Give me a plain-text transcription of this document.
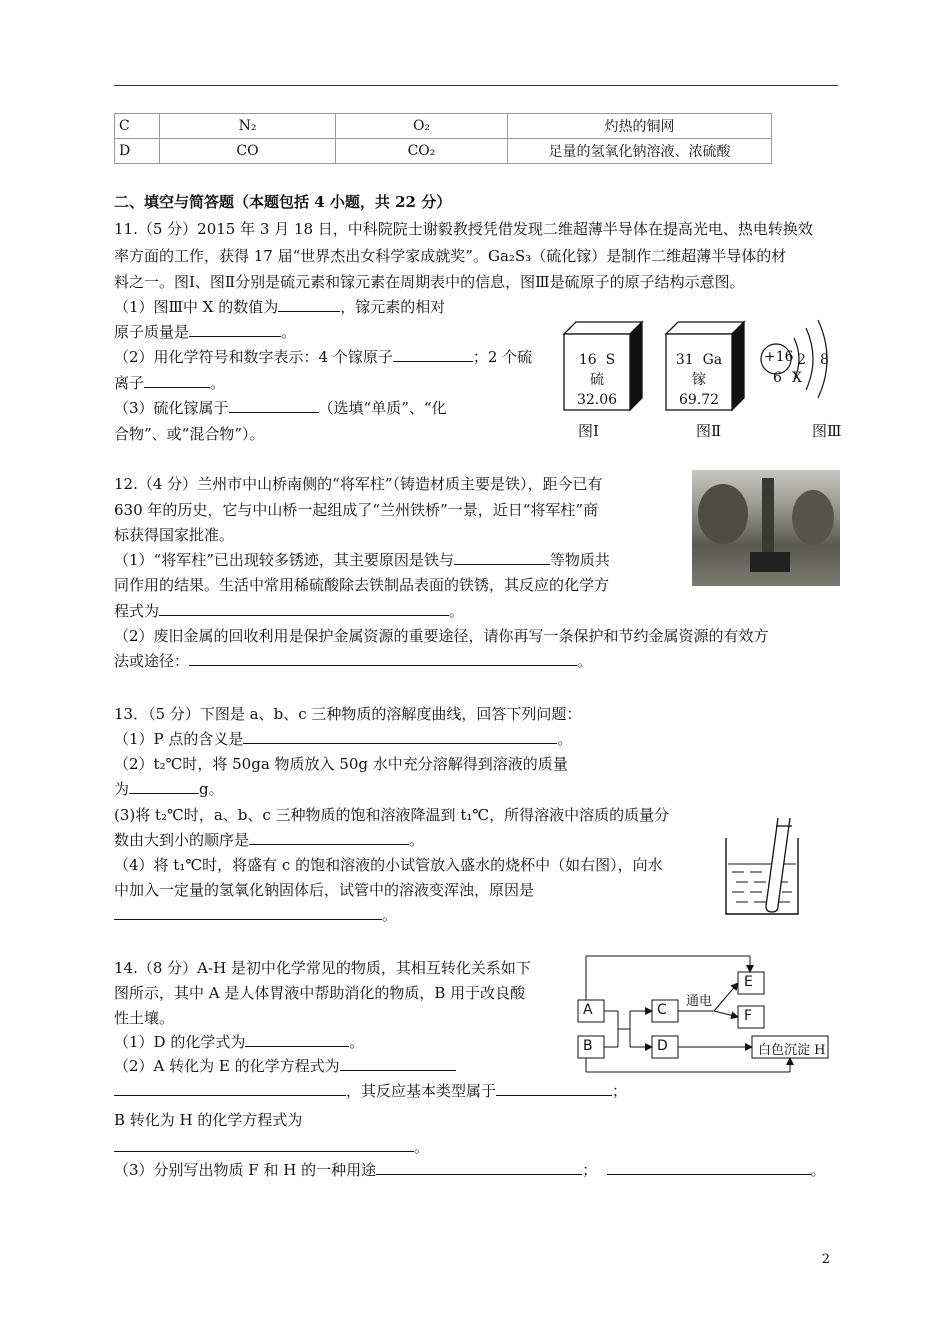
C	N₂	O₂	灼热的铜网
D	CO	CO₂	足量的氢氧化钠溶液、浓硫酸
二、填空与简答题（本题包括 4 小题，共 22 分）
11.（5 分）2015 年 3 月 18 日，中科院院士谢毅教授凭借发现二维超薄半导体在提高光电、热电转换效
率方面的工作，获得 17 届“世界杰出女科学家成就奖”。Ga₂S₃（硫化镓）是制作二维超薄半导体的材
料之一。图Ⅰ、图Ⅱ分别是硫元素和镓元素在周期表中的信息，图Ⅲ是硫原子的原子结构示意图。
（1）图Ⅲ中 X 的数值为	，镓元素的相对
原子质量是	。
（2）用化学符号和数字表示：4 个镓原子	；2 个硫
离子	。
（3）硫化镓属于	（选填“单质”、“化
合物”、或“混合物”）。
16 S
硫
32.06
图Ⅰ
31 Ga
镓
69.72
图Ⅱ
+16 2 8
X
6
图Ⅲ
12.（4 分）兰州市中山桥南侧的“将军柱”（铸造材质主要是铁），距今已有
630 年的历史，它与中山桥一起组成了“兰州铁桥”一景，近日“将军柱”商
标获得国家批准。
（1）“将军柱”已出现较多锈迹，其主要原因是铁与	等物质共
同作用的结果。生活中常用稀硫酸除去铁制品表面的铁锈，其反应的化学方
程式为	。
（2）废旧金属的回收利用是保护金属资源的重要途径，请你再写一条保护和节约金属资源的有效方
法或途径：	。
13．（5 分）下图是 a、b、c 三种物质的溶解度曲线，回答下列问题：
（1）P 点的含义是	。
（2）t₂℃时，将 50ga 物质放入 50g 水中充分溶解得到溶液的质量
为	g。
(3)将 t₂℃时，a、b、c 三种物质的饱和溶液降温到 t₁℃，所得溶液中溶质的质量分
数由大到小的顺序是	。
（4）将 t₁℃时，将盛有 c 的饱和溶液的小试管放入盛水的烧杯中（如右图），向水
中加入一定量的氢氧化钠固体后，试管中的溶液变浑浊，原因是
。
14.（8 分）A-H 是初中化学常见的物质，其相互转化关系如下
图所示，其中 A 是人体胃液中帮助消化的物质，B 用于改良酸
性土壤。
（1）D 的化学式为	。
（2）A 转化为 E 的化学方程式为
，其反应基本类型属于	；
B 转化为 H 的化学方程式为
。
（3）分别写出物质 F 和 H 的一种用途	；	。
A
B
C
D
E
F
白色沉淀 H
通电
2
